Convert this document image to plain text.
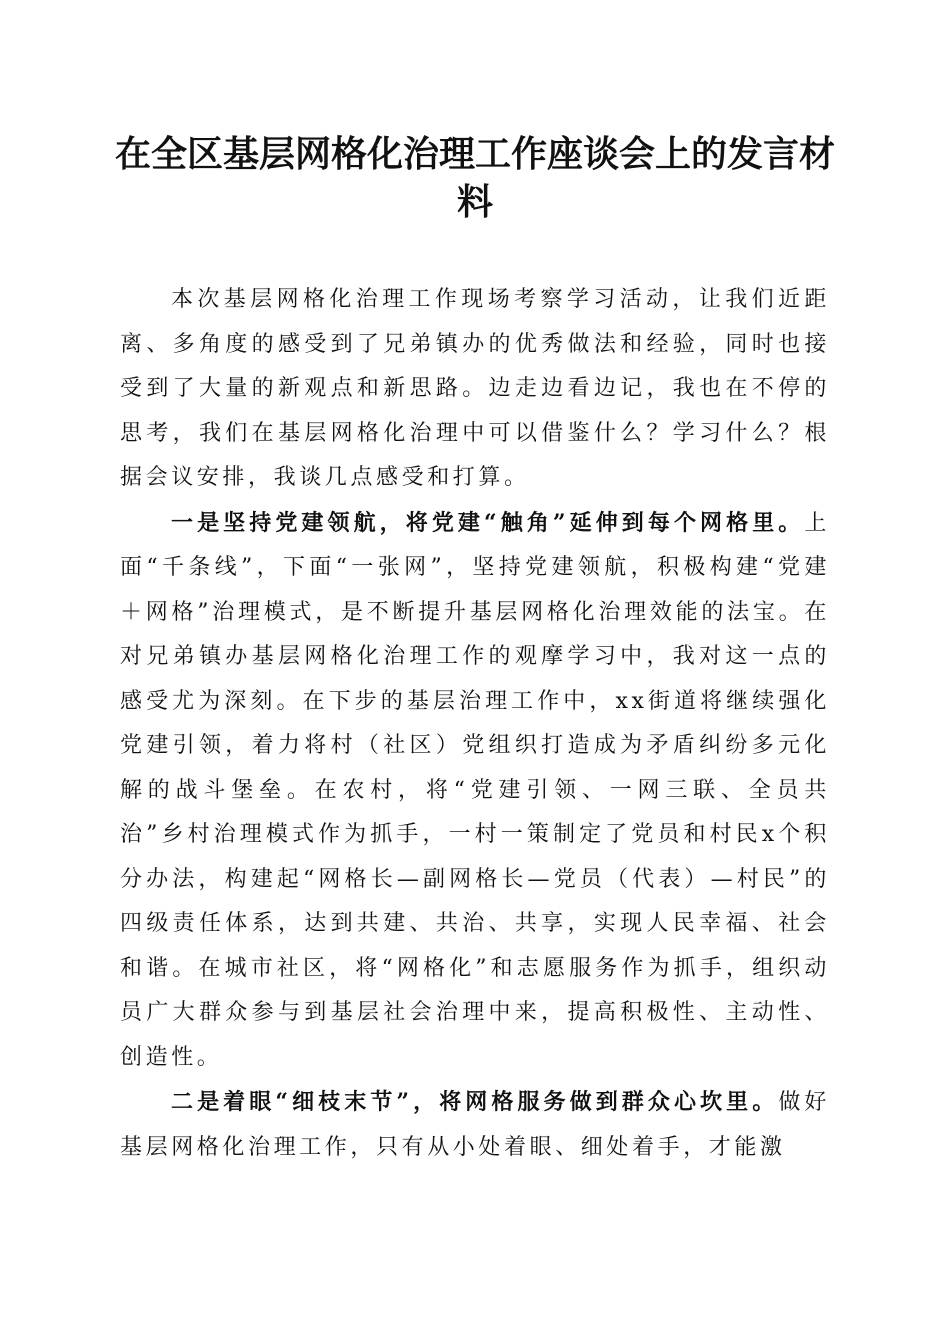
在全区基层网格化治理工作座谈会上的发言材料

本次基层网格化治理工作现场考察学习活动，让我们近距离、多角度的感受到了兄弟镇办的优秀做法和经验，同时也接受到了大量的新观点和新思路。边走边看边记，我也在不停的思考，我们在基层网格化治理中可以借鉴什么？学习什么？根据会议安排，我谈几点感受和打算。

一是坚持党建领航，将党建“触角”延伸到每个网格里。上面“千条线”，下面“一张网”，坚持党建领航，积极构建“党建＋网格”治理模式，是不断提升基层网格化治理效能的法宝。在对兄弟镇办基层网格化治理工作的观摩学习中，我对这一点的感受尤为深刻。在下步的基层治理工作中，xx街道将继续强化党建引领，着力将村（社区）党组织打造成为矛盾纠纷多元化解的战斗堡垒。在农村，将“党建引领、一网三联、全员共治”乡村治理模式作为抓手，一村一策制定了党员和村民x个积分办法，构建起“网格长—副网格长—党员（代表）—村民”的四级责任体系，达到共建、共治、共享，实现人民幸福、社会和谐。在城市社区，将“网格化”和志愿服务作为抓手，组织动员广大群众参与到基层社会治理中来，提高积极性、主动性、创造性。

二是着眼“细枝末节”，将网格服务做到群众心坎里。做好基层网格化治理工作，只有从小处着眼、细处着手，才能激
